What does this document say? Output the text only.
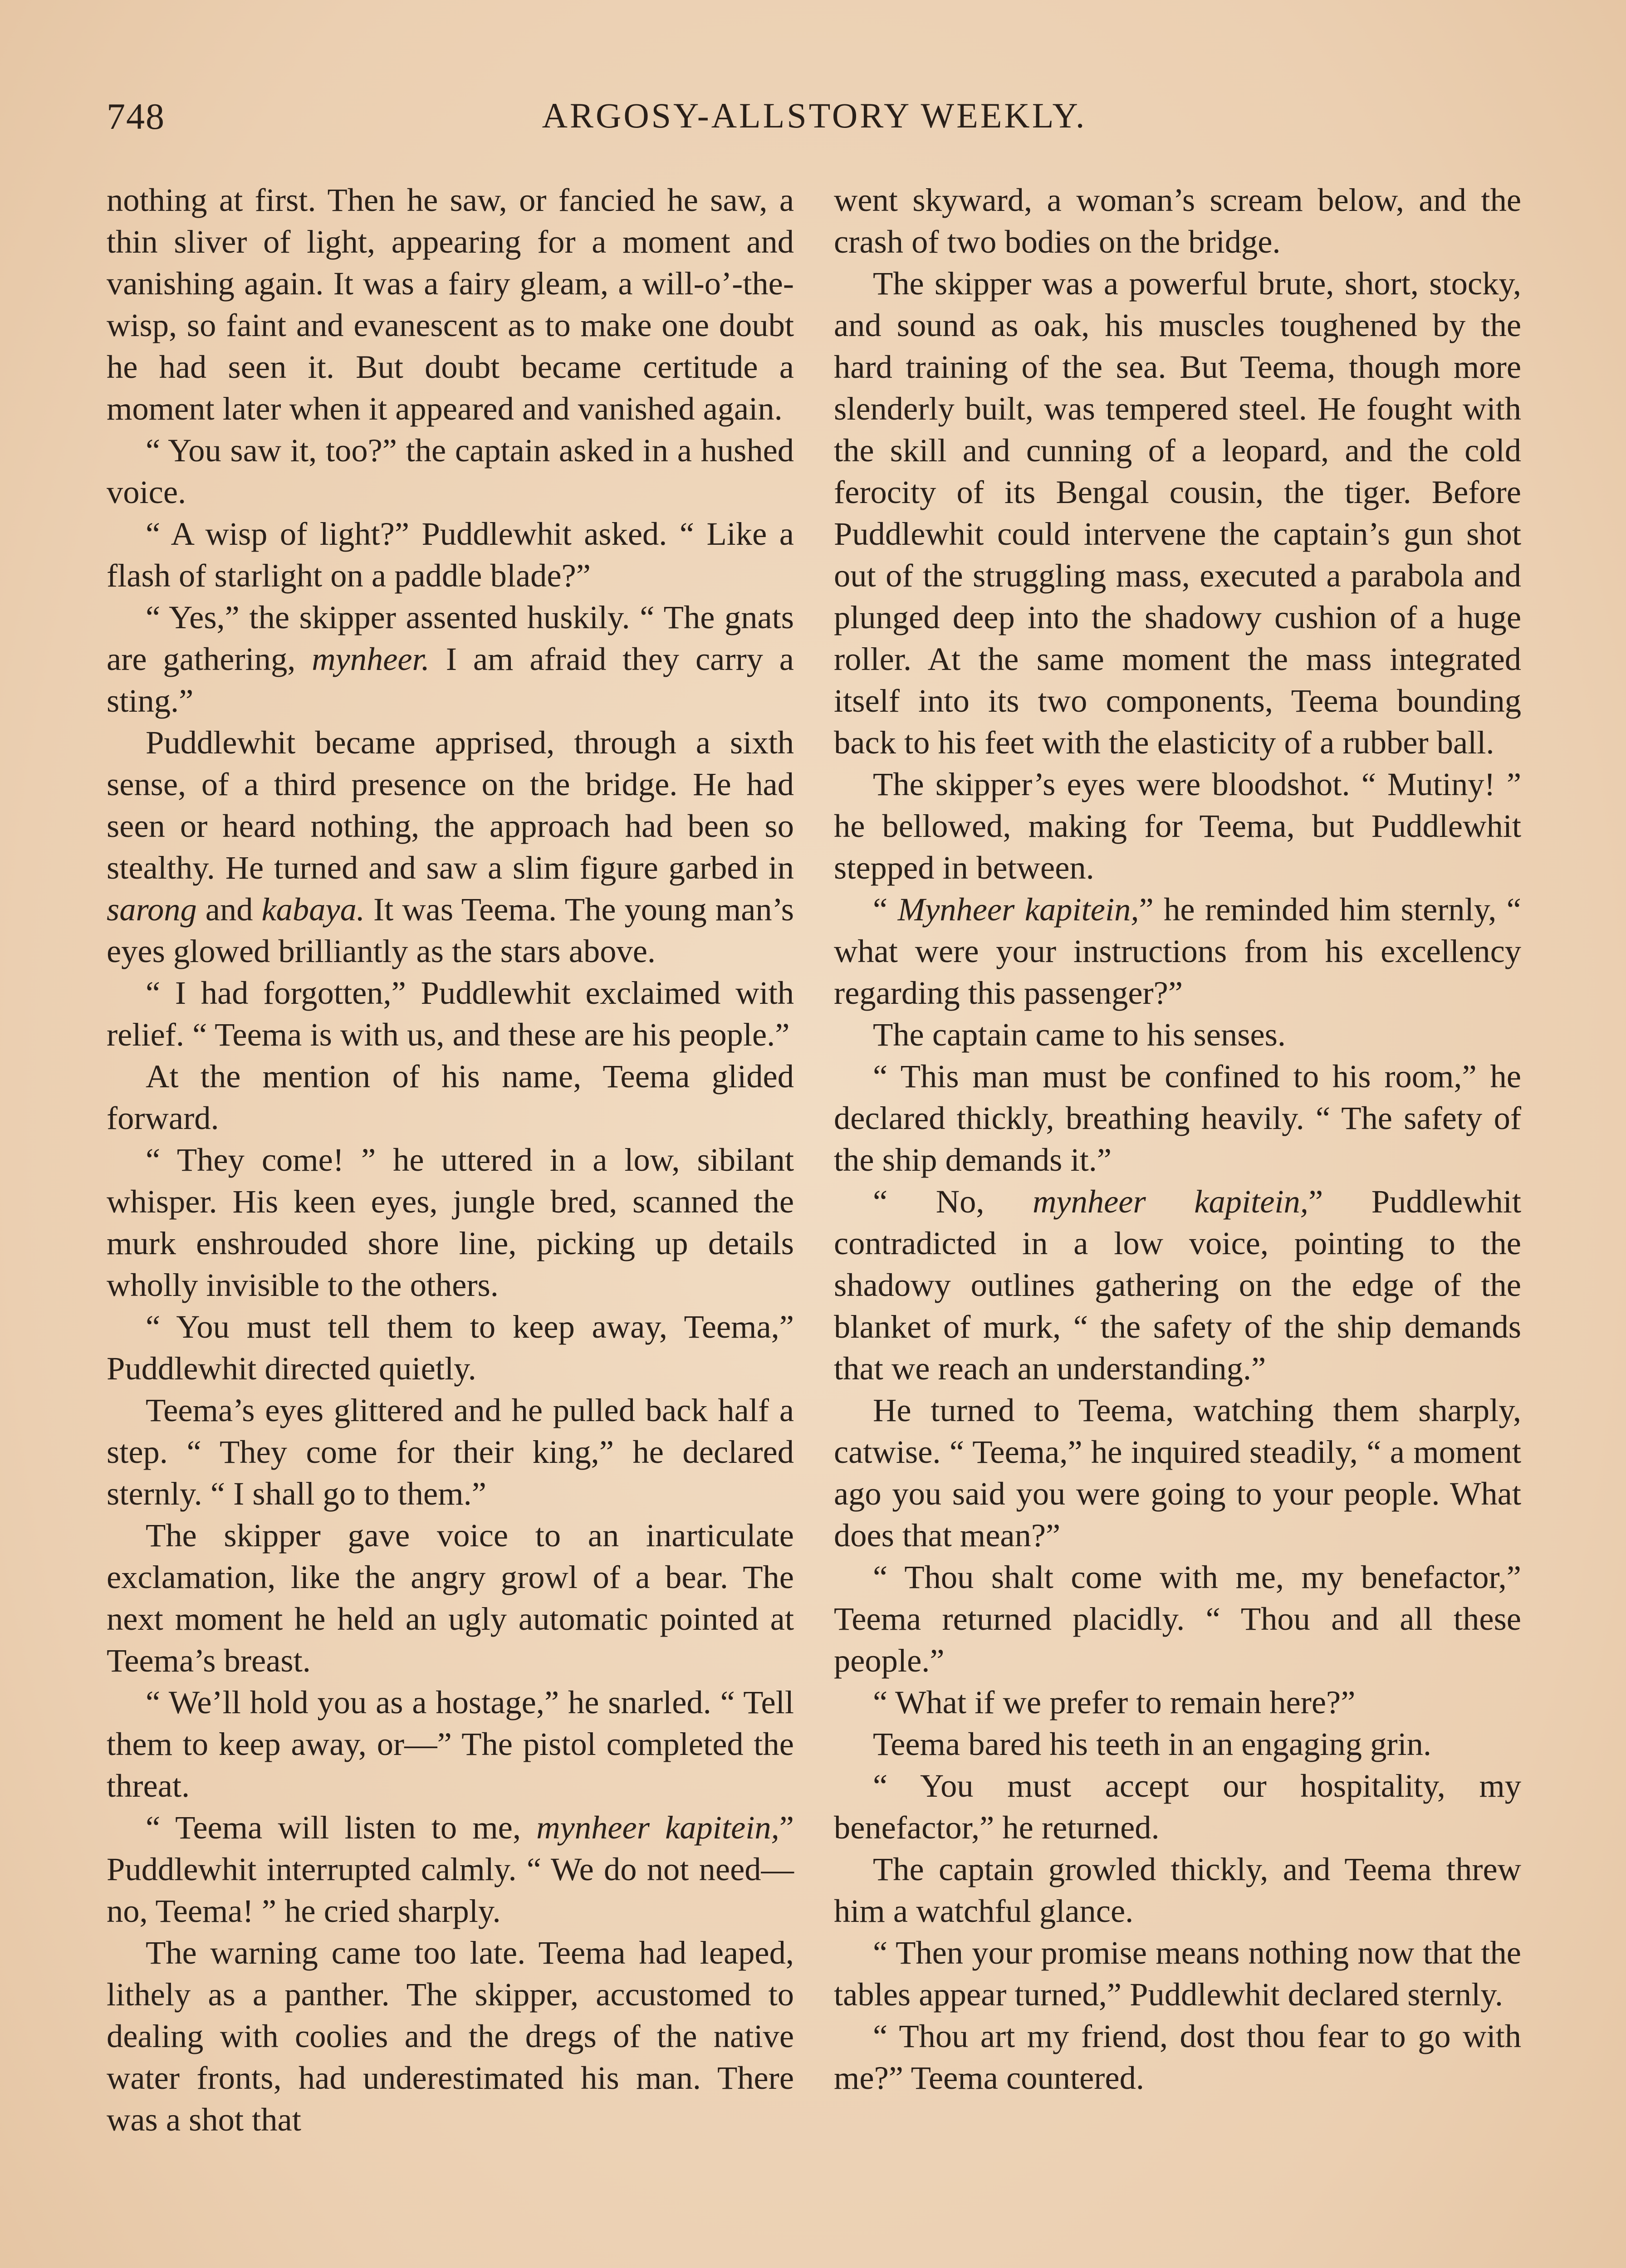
748	ARGOSY-ALLSTORY WEEKLY.

nothing at first. Then he saw, or fancied he saw, a thin sliver of light, appearing for a moment and vanishing again. It was a fairy gleam, a will-o’-the-wisp, so faint and evanescent as to make one doubt he had seen it. But doubt became certitude a moment later when it appeared and vanished again.

“ You saw it, too?” the captain asked in a hushed voice.

“ A wisp of light?” Puddlewhit asked. “ Like a flash of starlight on a paddle blade?”

“ Yes,” the skipper assented huskily. “ The gnats are gathering, mynheer. I am afraid they carry a sting.”

Puddlewhit became apprised, through a sixth sense, of a third presence on the bridge. He had seen or heard nothing, the approach had been so stealthy. He turned and saw a slim figure garbed in sarong and kabaya. It was Teema. The young man’s eyes glowed brilliantly as the stars above.

“ I had forgotten,” Puddlewhit exclaimed with relief. “ Teema is with us, and these are his people.”

At the mention of his name, Teema glided forward.

“ They come! ” he uttered in a low, sibilant whisper. His keen eyes, jungle bred, scanned the murk enshrouded shore line, picking up details wholly invisible to the others.

“ You must tell them to keep away, Teema,” Puddlewhit directed quietly.

Teema’s eyes glittered and he pulled back half a step. “ They come for their king,” he declared sternly. “ I shall go to them.”

The skipper gave voice to an inarticulate exclamation, like the angry growl of a bear. The next moment he held an ugly automatic pointed at Teema’s breast.

“ We’ll hold you as a hostage,” he snarled. “ Tell them to keep away, or—” The pistol completed the threat.

“ Teema will listen to me, mynheer kapitein,” Puddlewhit interrupted calmly. “ We do not need—no, Teema! ” he cried sharply.

The warning came too late. Teema had leaped, lithely as a panther. The skipper, accustomed to dealing with coolies and the dregs of the native water fronts, had underestimated his man. There was a shot that

went skyward, a woman’s scream below, and the crash of two bodies on the bridge.

The skipper was a powerful brute, short, stocky, and sound as oak, his muscles toughened by the hard training of the sea. But Teema, though more slenderly built, was tempered steel. He fought with the skill and cunning of a leopard, and the cold ferocity of its Bengal cousin, the tiger. Before Puddlewhit could intervene the captain’s gun shot out of the struggling mass, executed a parabola and plunged deep into the shadowy cushion of a huge roller. At the same moment the mass integrated itself into its two components, Teema bounding back to his feet with the elasticity of a rubber ball.

The skipper’s eyes were bloodshot. “ Mutiny! ” he bellowed, making for Teema, but Puddlewhit stepped in between.

“ Mynheer kapitein,” he reminded him sternly, “ what were your instructions from his excellency regarding this passenger?”

The captain came to his senses.

“ This man must be confined to his room,” he declared thickly, breathing heavily. “ The safety of the ship demands it.”

“ No, mynheer kapitein,” Puddlewhit contradicted in a low voice, pointing to the shadowy outlines gathering on the edge of the blanket of murk, “ the safety of the ship demands that we reach an understanding.”

He turned to Teema, watching them sharply, catwise. “ Teema,” he inquired steadily, “ a moment ago you said you were going to your people. What does that mean?”

“ Thou shalt come with me, my benefactor,” Teema returned placidly. “ Thou and all these people.”

“ What if we prefer to remain here?”

Teema bared his teeth in an engaging grin.

“ You must accept our hospitality, my benefactor,” he returned.

The captain growled thickly, and Teema threw him a watchful glance.

“ Then your promise means nothing now that the tables appear turned,” Puddlewhit declared sternly.

“ Thou art my friend, dost thou fear to go with me?” Teema countered.
